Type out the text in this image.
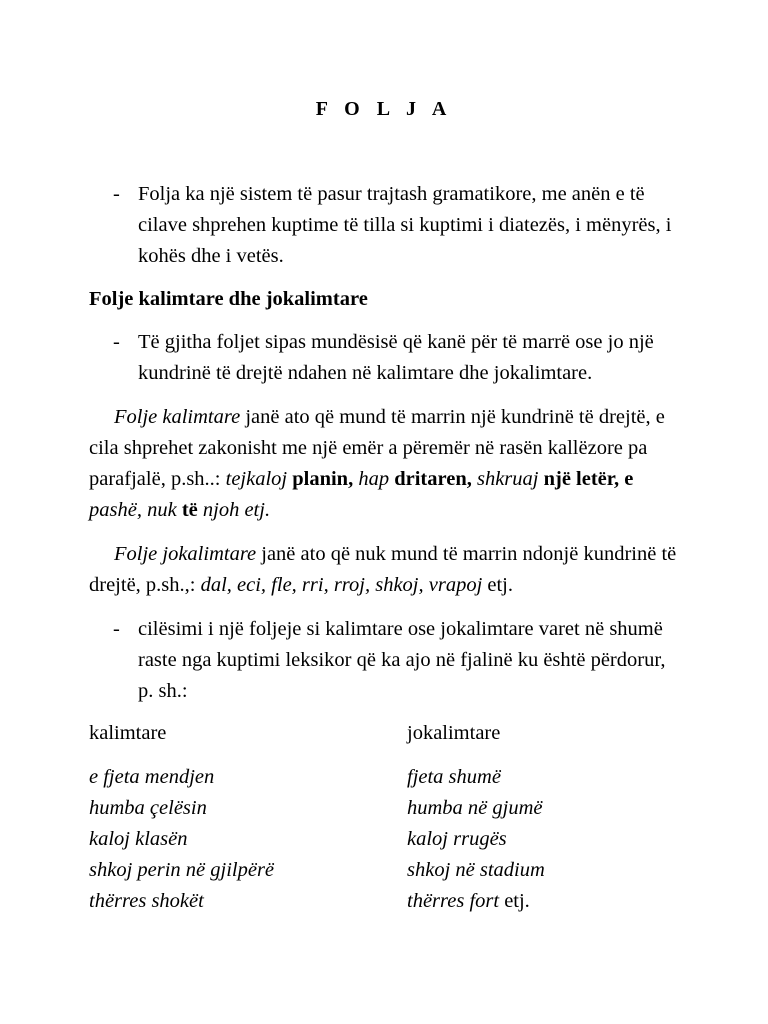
F O L J A
- Folja ka një sistem të pasur trajtash gramatikore, me anën e të cilave shprehen kuptime të tilla si kuptimi i diatezës, i mënyrës, i kohës dhe i vetës.
Folje kalimtare dhe jokalimtare
- Të gjitha foljet sipas mundësisë që kanë për të marrë ose jo një kundrinë të drejtë ndahen në kalimtare dhe jokalimtare.
Folje kalimtare janë ato që mund të marrin një kundrinë të drejtë, e cila shprehet zakonisht me një emër a përemër në rasën kallëzore pa parafjalë, p.sh..: tejkaloj planin, hap dritaren, shkruaj një letër, e pashë, nuk të njoh etj.
Folje jokalimtare janë ato që nuk mund të marrin ndonjë kundrinë të drejtë, p.sh.,: dal, eci, fle, rri, rroj, shkoj, vrapoj etj.
- cilësimi i një foljeje si kalimtare ose jokalimtare varet në shumë raste nga kuptimi leksikor që ka ajo në fjalinë ku është përdorur, p. sh.:
kalimtare	jokalimtare
e fjeta mendjen
humba çelësin
kaloj klasën
shkoj perin në gjilpërë
thërres shokët
fjeta shumë
humba në gjumë
kaloj rrugës
shkoj në stadium
thërres fort etj.
